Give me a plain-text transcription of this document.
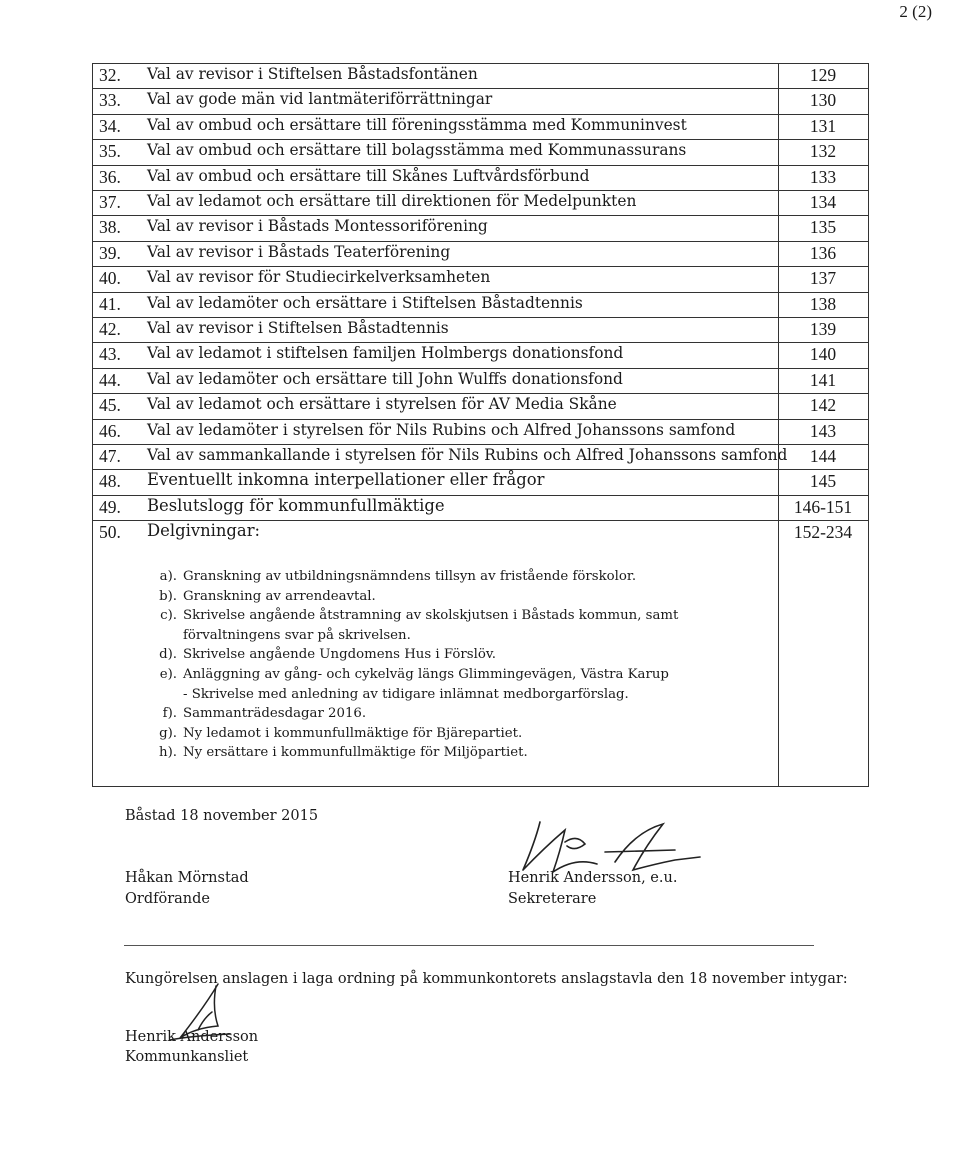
2 (2)
32. Val av revisor i Stiftelsen Båstadsfontänen	129
33. Val av gode män vid lantmäteriförrättningar	130
34. Val av ombud och ersättare till föreningsstämma med Kommuninvest	131
35. Val av ombud och ersättare till bolagsstämma med Kommunassurans	132
36. Val av ombud och ersättare till Skånes Luftvårdsförbund	133
37. Val av ledamot och ersättare till direktionen för Medelpunkten	134
38. Val av revisor i Båstads Montessoriförening	135
39. Val av revisor i Båstads Teaterförening	136
40. Val av revisor för Studiecirkelverksamheten	137
41. Val av ledamöter och ersättare i Stiftelsen Båstadtennis	138
42. Val av revisor i Stiftelsen Båstadtennis	139
43. Val av ledamot i stiftelsen familjen Holmbergs donationsfond	140
44. Val av ledamöter och ersättare till John Wulffs donationsfond	141
45. Val av ledamot och ersättare i styrelsen för AV Media Skåne	142
46. Val av ledamöter i styrelsen för Nils Rubins och Alfred Johanssons samfond	143
47. Val av sammankallande i styrelsen för Nils Rubins och Alfred Johanssons samfond	144
48. Eventuellt inkomna interpellationer eller frågor	145
49. Beslutslogg för kommunfullmäktige	146-151
50. Delgivningar:	152-234
a). Granskning av utbildningsnämndens tillsyn av fristående förskolor.
b). Granskning av arrendeavtal.
c). Skrivelse angående åtstramning av skolskjutsen i Båstads kommun, samt
förvaltningens svar på skrivelsen.
d). Skrivelse angående Ungdomens Hus i Förslöv.
e). Anläggning av gång- och cykelväg längs Glimmingevägen, Västra Karup
- Skrivelse med anledning av tidigare inlämnat medborgarförslag.
f). Sammanträdesdagar 2016.
g). Ny ledamot i kommunfullmäktige för Bjärepartiet.
h). Ny ersättare i kommunfullmäktige för Miljöpartiet.
Båstad 18 november 2015
Håkan Mörnstad
Ordförande
Henrik Andersson, e.u.
Sekreterare
Kungörelsen anslagen i laga ordning på kommunkontorets anslagstavla den 18 november intygar:
Henrik Andersson
Kommunkansliet
